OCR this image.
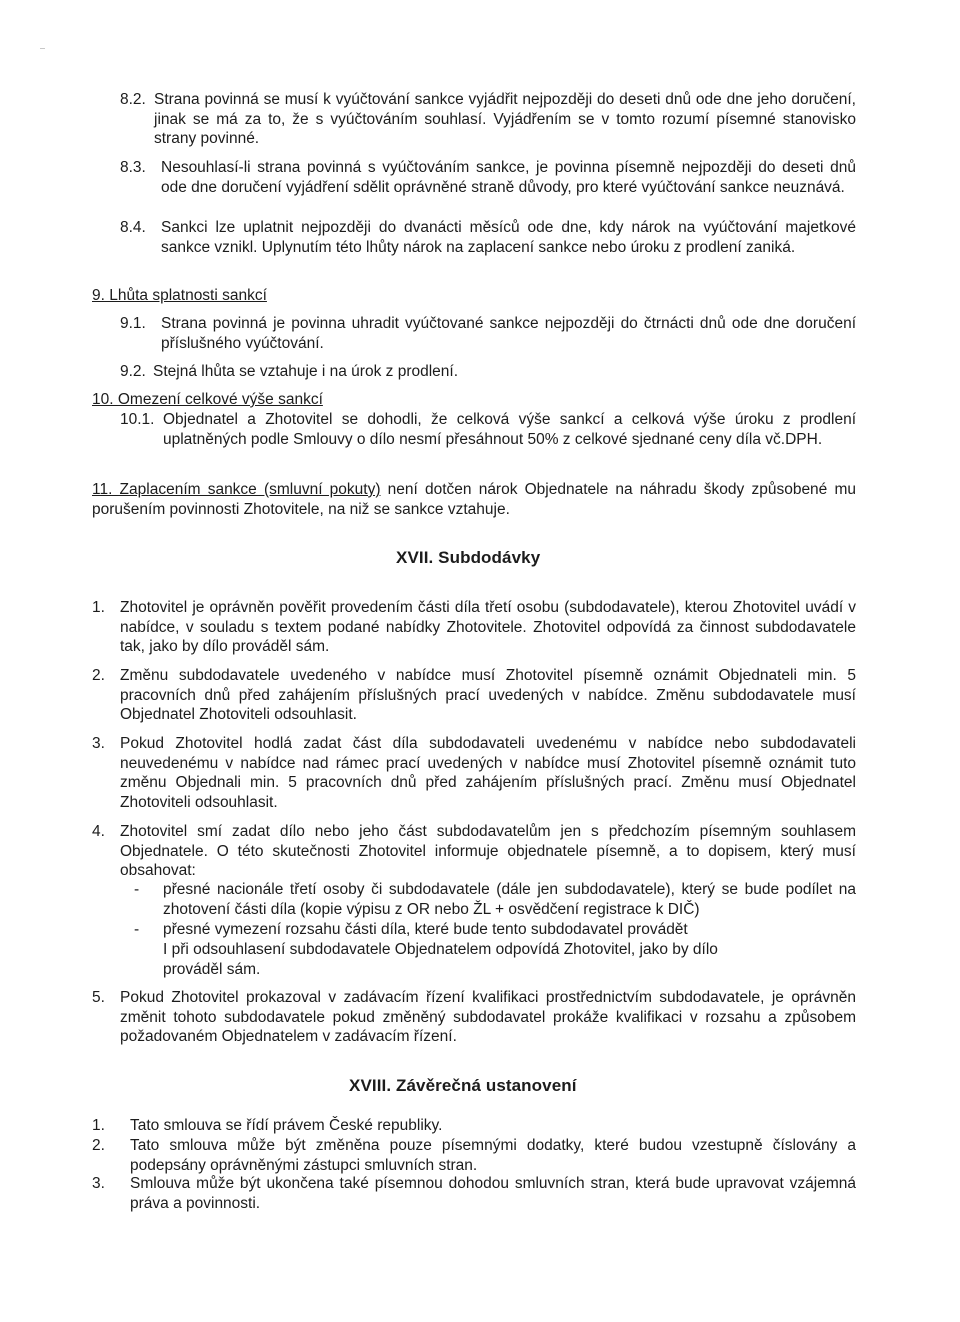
8.2. Strana povinná se musí k vyúčtování sankce vyjádřit nejpozději do deseti dnů ode dne jeho doručení, jinak se má za to, že s vyúčtováním souhlasí. Vyjádřením se v tomto rozumí písemné stanovisko strany povinné.
8.3. Nesouhlasí-li strana povinná s vyúčtováním sankce, je povinna písemně nejpozději do deseti dnů ode dne doručení vyjádření sdělit oprávněné straně důvody, pro které vyúčtování sankce neuznává.
8.4. Sankci lze uplatnit nejpozději do dvanácti měsíců ode dne, kdy nárok na vyúčtování majetkové sankce vznikl. Uplynutím této lhůty nárok na zaplacení sankce nebo úroku z prodlení zaniká.
9. Lhůta splatnosti sankcí
9.1. Strana povinná je povinna uhradit vyúčtované sankce nejpozději do čtrnácti dnů ode dne doručení příslušného vyúčtování.
9.2. Stejná lhůta se vztahuje i na úrok z prodlení.
10. Omezení celkové výše sankcí
10.1. Objednatel a Zhotovitel se dohodli, že celková výše sankcí a celková výše úroku z prodlení uplatněných podle Smlouvy o dílo nesmí přesáhnout 50% z celkové sjednané ceny díla vč.DPH.
11. Zaplacením sankce (smluvní pokuty) není dotčen nárok Objednatele na náhradu škody způsobené mu porušením povinnosti Zhotovitele, na niž se sankce vztahuje.
XVII. Subdodávky
1. Zhotovitel je oprávněn pověřit provedením části díla třetí osobu (subdodavatele), kterou Zhotovitel uvádí v nabídce, v souladu s textem podané nabídky Zhotovitele. Zhotovitel odpovídá za činnost subdodavatele tak, jako by dílo prováděl sám.
2. Změnu subdodavatele uvedeného v nabídce musí Zhotovitel písemně oznámit Objednateli min. 5 pracovních dnů před zahájením příslušných prací uvedených v nabídce. Změnu subdodavatele musí Objednatel Zhotoviteli odsouhlasit.
3. Pokud Zhotovitel hodlá zadat část díla subdodavateli uvedenému v nabídce nebo subdodavateli neuvedenému v nabídce nad rámec prací uvedených v nabídce musí Zhotovitel písemně oznámit tuto změnu Objednali min. 5 pracovních dnů před zahájením příslušných prací. Změnu musí Objednatel Zhotoviteli odsouhlasit.
4. Zhotovitel smí zadat dílo nebo jeho část subdodavatelům jen s předchozím písemným souhlasem Objednatele. O této skutečnosti Zhotovitel informuje objednatele písemně, a to dopisem, který musí obsahovat:
- přesné nacionále třetí osoby či subdodavatele (dále jen subdodavatele), který se bude podílet na zhotovení části díla (kopie výpisu z OR nebo ŽL + osvědčení registrace k DIČ)
- přesné vymezení rozsahu části díla, které bude tento subdodavatel provádět
I při odsouhlasení subdodavatele Objednatelem odpovídá Zhotovitel, jako by dílo prováděl sám.
5. Pokud Zhotovitel prokazoval v zadávacím řízení kvalifikaci prostřednictvím subdodavatele, je oprávněn změnit tohoto subdodavatele pokud změněný subdodavatel prokáže kvalifikaci v rozsahu a způsobem požadovaném Objednatelem v zadávacím řízení.
XVIII. Závěrečná ustanovení
1. Tato smlouva se řídí právem České republiky.
2. Tato smlouva může být změněna pouze písemnými dodatky, které budou vzestupně číslovány a podepsány oprávněnými zástupci smluvních stran.
3. Smlouva může být ukončena také písemnou dohodou smluvních stran, která bude upravovat vzájemná práva a povinnosti.
